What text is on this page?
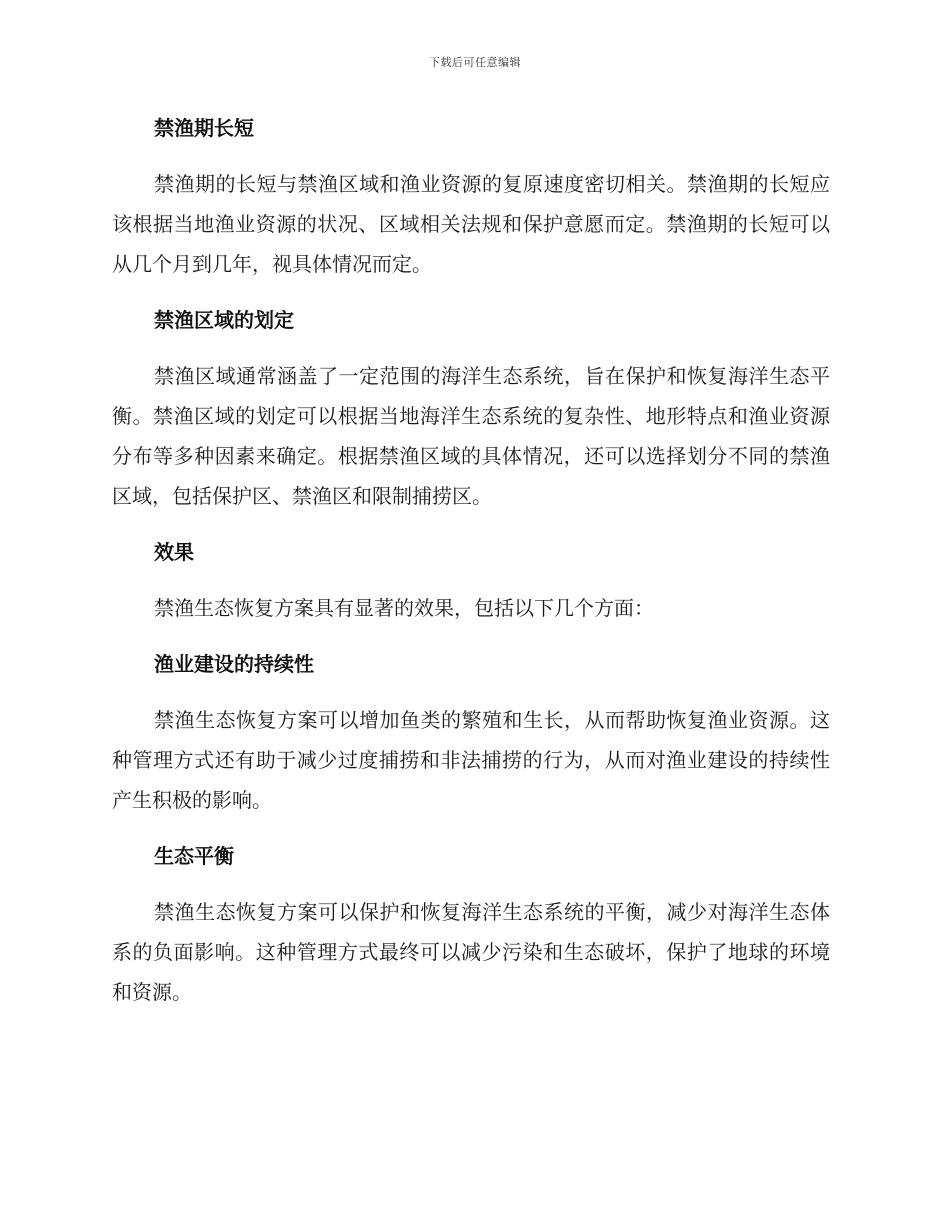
下载后可任意编辑
禁渔期长短
禁渔期的长短与禁渔区域和渔业资源的复原速度密切相关。禁渔期的长短应该根据当地渔业资源的状况、区域相关法规和保护意愿而定。禁渔期的长短可以从几个月到几年，视具体情况而定。
禁渔区域的划定
禁渔区域通常涵盖了一定范围的海洋生态系统，旨在保护和恢复海洋生态平衡。禁渔区域的划定可以根据当地海洋生态系统的复杂性、地形特点和渔业资源分布等多种因素来确定。根据禁渔区域的具体情况，还可以选择划分不同的禁渔区域，包括保护区、禁渔区和限制捕捞区。
效果
禁渔生态恢复方案具有显著的效果，包括以下几个方面：
渔业建设的持续性
禁渔生态恢复方案可以增加鱼类的繁殖和生长，从而帮助恢复渔业资源。这种管理方式还有助于减少过度捕捞和非法捕捞的行为，从而对渔业建设的持续性产生积极的影响。
生态平衡
禁渔生态恢复方案可以保护和恢复海洋生态系统的平衡，减少对海洋生态体系的负面影响。这种管理方式最终可以减少污染和生态破坏，保护了地球的环境和资源。
